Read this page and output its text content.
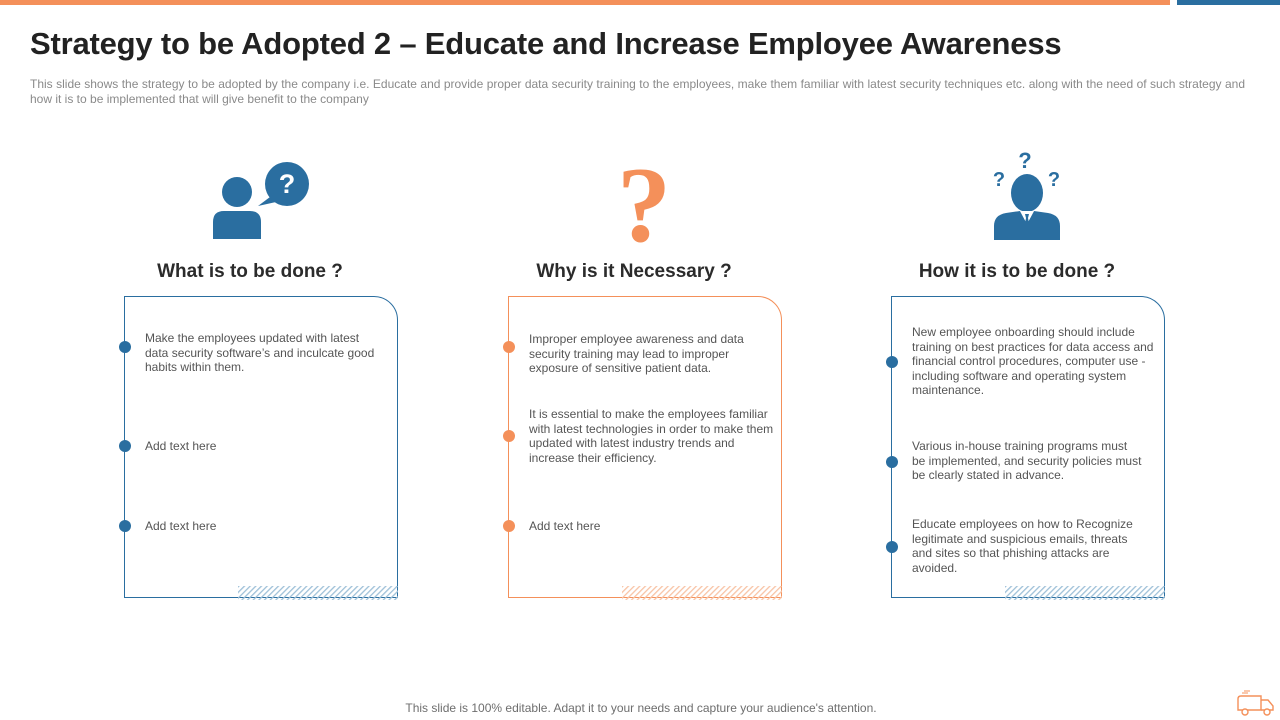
Strategy to be Adopted 2 – Educate and Increase Employee Awareness

This slide shows the strategy to be adopted by the company i.e. Educate and provide proper data security training to the employees, make them familiar with latest security techniques etc. along with the need of such strategy and how it is to be implemented that will give benefit to the company

?
What is to be done ?
Make the employees updated with latest data security software’s and inculcate good habits within them.
Add text here
Add text here
?
Why is it Necessary ?
Improper employee awareness and data security training may lead to improper exposure of sensitive patient data.
It is essential to make the employees familiar with latest technologies in order to make them updated with latest industry trends and increase their efficiency.
Add text here
?
?
?
How it is to be done ?
New employee onboarding should include training on best practices for data access and financial control procedures, computer use - including software and operating system maintenance.
Various in-house training programs must be implemented, and security policies must be clearly stated in advance.
Educate employees on how to Recognize legitimate and suspicious emails, threats and sites so that phishing attacks are avoided.
This slide is 100% editable. Adapt it to your needs and capture your audience's attention.
